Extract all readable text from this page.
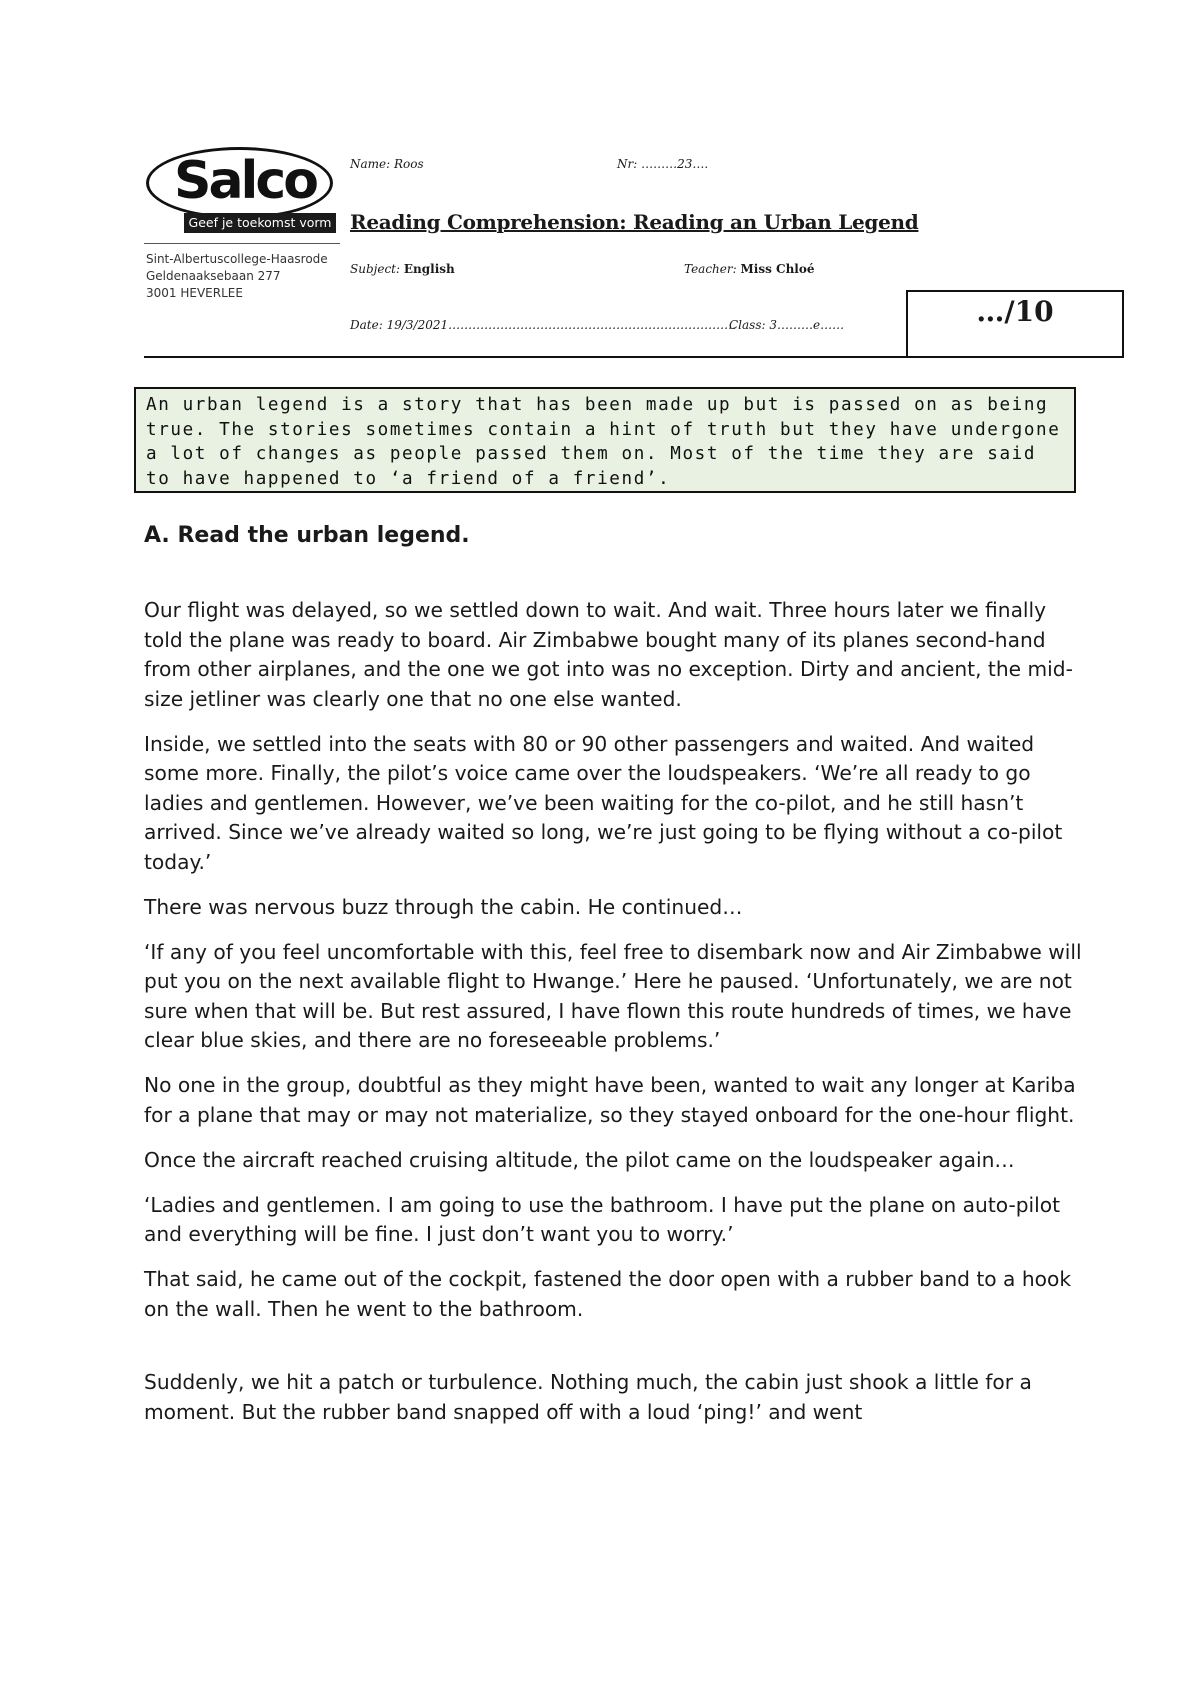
Salco
Geef je toekomst vorm
Sint-Albertuscollege-Haasrode
Geldenaaksebaan 277
3001 HEVERLEE
Name: Roos	Nr: ………23….
Reading Comprehension: Reading an Urban Legend
Subject: English	Teacher: Miss Chloé
Date: 19/3/2021………………………………………………………………
Class: 3………e……	…/10
An urban legend is a story that has been made up but is passed on as being true. The stories sometimes contain a hint of truth but they have undergone a lot of changes as people passed them on. Most of the time they are said to have happened to ‘a friend of a friend’.
A. Read the urban legend.

Our flight was delayed, so we settled down to wait. And wait. Three hours later we finally told the plane was ready to board. Air Zimbabwe bought many of its planes second-hand from other airplanes, and the one we got into was no exception. Dirty and ancient, the mid-size jetliner was clearly one that no one else wanted.

Inside, we settled into the seats with 80 or 90 other passengers and waited. And waited some more. Finally, the pilot’s voice came over the loudspeakers. ‘We’re all ready to go ladies and gentlemen. However, we’ve been waiting for the co-pilot, and he still hasn’t arrived. Since we’ve already waited so long, we’re just going to be flying without a co-pilot today.’

There was nervous buzz through the cabin. He continued…

‘If any of you feel uncomfortable with this, feel free to disembark now and Air Zimbabwe will put you on the next available flight to Hwange.’ Here he paused. ‘Unfortunately, we are not sure when that will be. But rest assured, I have flown this route hundreds of times, we have clear blue skies, and there are no foreseeable problems.’

No one in the group, doubtful as they might have been, wanted to wait any longer at Kariba for a plane that may or may not materialize, so they stayed onboard for the one-hour flight.

Once the aircraft reached cruising altitude, the pilot came on the loudspeaker again…

‘Ladies and gentlemen. I am going to use the bathroom. I have put the plane on auto-pilot and everything will be fine. I just don’t want you to worry.’

That said, he came out of the cockpit, fastened the door open with a rubber band to a hook on the wall. Then he went to the bathroom.

Suddenly, we hit a patch or turbulence. Nothing much, the cabin just shook a little for a moment. But the rubber band snapped off with a loud ‘ping!’ and went
